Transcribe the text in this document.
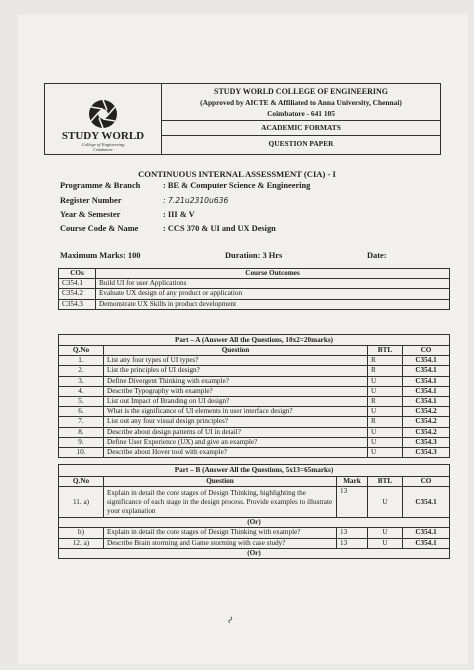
STUDY WORLD
College of Engineering
Coimbatore
STUDY WORLD COLLEGE OF ENGINEERING
(Approved by AICTE & Affiliated to Anna University, Chennai)
Coimbatore - 641 105
ACADEMIC FORMATS
QUESTION PAPER
CONTINUOUS INTERNAL ASSESSMENT (CIA) - I
Programme & Branch	: BE & Computer Science & Engineering
Register Number	: 7.21u2310u636
Year & Semester	: III & V
Course Code & Name	: CCS 370 & UI and UX Design
Maximum Marks: 100	Duration: 3 Hrs	Date:
COs	Course Outcomes
C354.1	Build UI for user Applications
C354.2	Evaluate UX design of any product or application
C354.3	Demonstrate UX Skills in product development
Part – A (Answer All the Questions, 10x2=20marks)			
Q.No	Question	BTL	CO
1.	List any four types of UI types?	R	C354.1
2.	List the principles of UI design?	R	C354.1
3.	Define Divergent Thinking with example?	U	C354.1
4.	Describe Typography with example?	U	C354.1
5.	List out Impact of Branding on UI design?	R	C354.1
6.	What is the significance of UI elements in user interface design?	U	C354.2
7.	List out any four visual design principles?	R	C354.2
8.	Describe about design patterns of UI in detail?	U	C354.2
9.	Define User Experience (UX) and give an example?	U	C354.3
10.	Describe about Hover tool with example?	U	C354.3
Part – B (Answer All the Questions, 5x13=65marks)				
Q.No	Question	Mark	BTL	CO
11. a)	Explain in detail the core stages of Design Thinking, highlighting the significance of each stage in the design process. Provide examples to illustrate your explanation	13	U	C354.1
(Or)				
b)	Explain in detail the core stages of Design Thinking with example?	13	U	C354.1
12. a)	Describe Brain storming and Game storming with case study?	13	U	C354.1
(Or)				
~
